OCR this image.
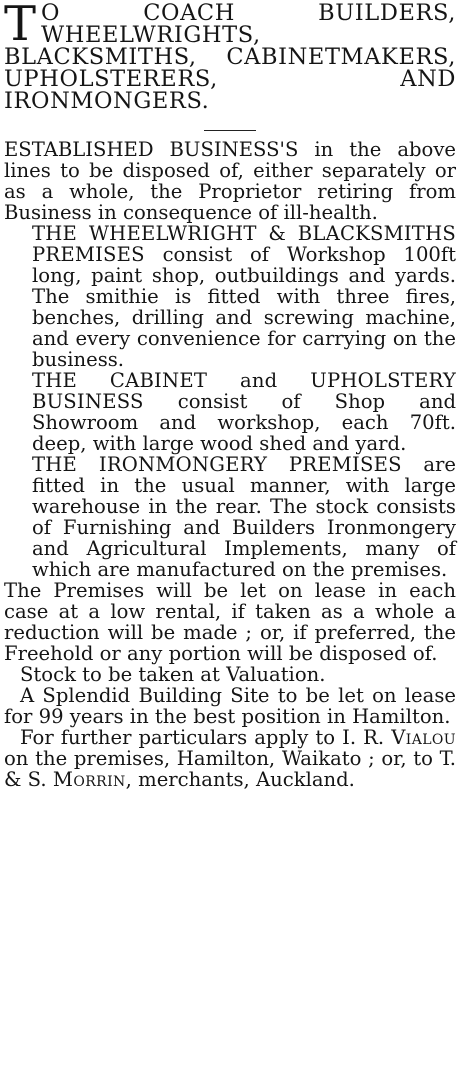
T O COACH BUILDERS, WHEELWRIGHTS, BLACKSMITHS, CABINETMAKERS, UPHOLSTERERS, AND IRONMONGERS.

ESTABLISHED BUSINESS'S in the above lines to be disposed of, either separately or as a whole, the Proprietor retiring from Business in consequence of ill-health.

THE WHEELWRIGHT & BLACKSMITHS PREMISES consist of Workshop 100ft long, paint shop, outbuildings and yards. The smithie is fitted with three fires, benches, drilling and screwing machine, and every convenience for carrying on the business.

THE CABINET and UPHOLSTERY BUSINESS consist of Shop and Showroom and workshop, each 70ft. deep, with large wood shed and yard.

THE IRONMONGERY PREMISES are fitted in the usual manner, with large warehouse in the rear. The stock consists of Furnishing and Builders Ironmongery and Agricultural Implements, many of which are manufactured on the premises.

The Premises will be let on lease in each case at a low rental, if taken as a whole a reduction will be made ; or, if preferred, the Freehold or any portion will be disposed of.

Stock to be taken at Valuation.

A Splendid Building Site to be let on lease for 99 years in the best position in Hamilton.

For further particulars apply to I. R. Vialou on the premises, Hamilton, Waikato ; or, to T. & S. Morrin, merchants, Auckland.
